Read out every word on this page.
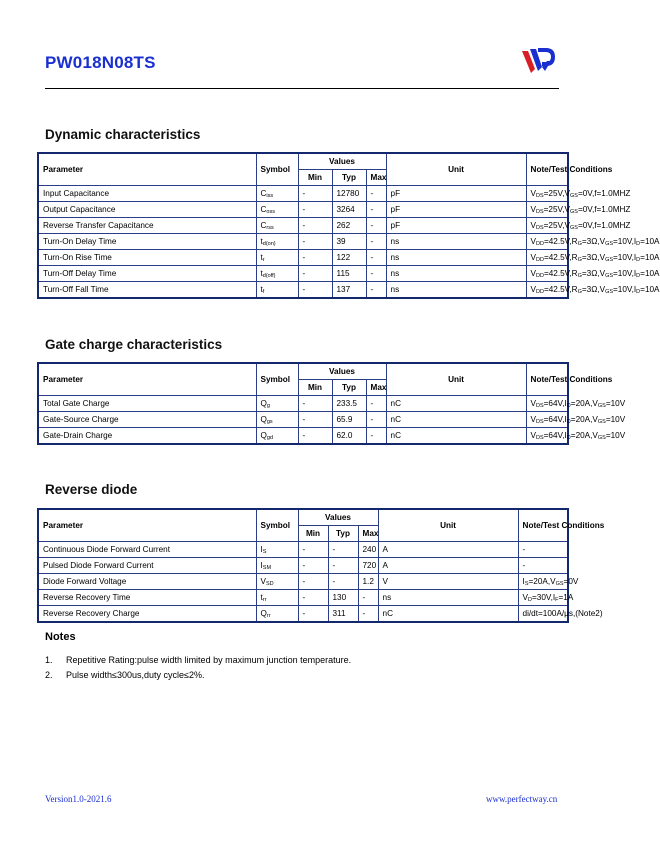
PW018N08TS
Dynamic characteristics
Parameter	Symbol	Values			Unit	Note/Test Conditions
		Min	Typ	Max		
Input Capacitance	$C_{iss}$	-	12780	-	pF	$V_{DS}=25V,V_{GS}=0V,f=1.0MHZ$
Output Capacitance	$C_{oss}$	-	3264	-	pF	$V_{DS}=25V,V_{GS}=0V,f=1.0MHZ$
Reverse Transfer Capacitance	$C_{rss}$	-	262	-	pF	$V_{DS}=25V,V_{GS}=0V,f=1.0MHZ$
Turn-On Delay Time	$t_{d(on)}$	-	39	-	ns	$V_{DD}=42.5V,R_G=3\Omega,V_{GS}=10V,I_D=10A$
Turn-On Rise Time	$t_r$	-	122	-	ns	$V_{DD}=42.5V,R_G=3\Omega,V_{GS}=10V,I_D=10A$
Turn-Off Delay Time	$t_{d(off)}$	-	115	-	ns	$V_{DD}=42.5V,R_G=3\Omega,V_{GS}=10V,I_D=10A$
Turn-Off Fall Time	$t_f$	-	137	-	ns	$V_{DD}=42.5V,R_G=3\Omega,V_{GS}=10V,I_D=10A$
Gate charge characteristics
Parameter	Symbol	Values			Unit	Note/Test Conditions
		Min	Typ	Max		
Total Gate Charge	$Q_g$	-	233.5	-	nC	$V_{DS}=64V,I_D=20A,V_{GS}=10V$
Gate-Source Charge	$Q_{gs}$	-	65.9	-	nC	$V_{DS}=64V,I_D=20A,V_{GS}=10V$
Gate-Drain Charge	$Q_{gd}$	-	62.0	-	nC	$V_{DS}=64V,I_D=20A,V_{GS}=10V$
Reverse diode
Parameter	Symbol	Values			Unit	Note/Test Conditions
		Min	Typ	Max		
Continuous Diode Forward Current	$I_S$	-	-	240	A	-
Pulsed Diode Forward Current	$I_{SM}$	-	-	720	A	-
Diode Forward Voltage	$V_{SD}$	-	-	1.2	V	$I_S=20A,V_{GS}=0V$
Reverse Recovery Time	$t_{rr}$	-	130	-	ns	$V_D=30V,I_F=1A$
Reverse Recovery Charge	$Q_{rr}$	-	311	-	nC	di/dt=100A/μs,(Note2)
Notes
1. Repetitive Rating:pulse width limited by maximum junction temperature.
2. Pulse width≤300us,duty cycle≤2%.
Version1.0-2021.6	www.perfectway.cn
